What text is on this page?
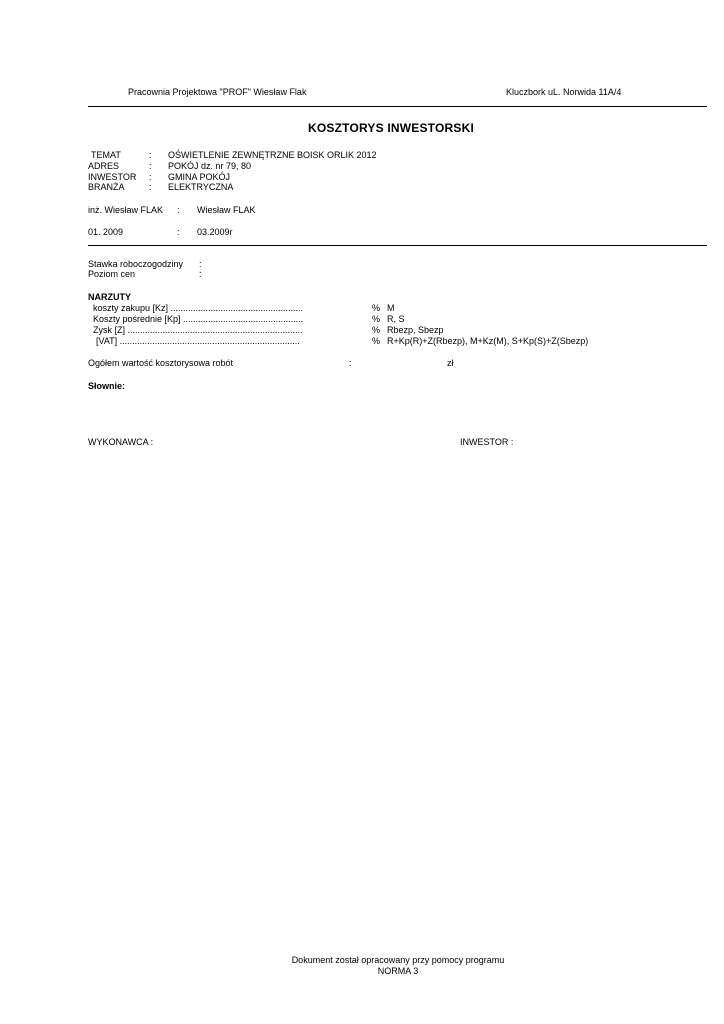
Pracownia Projektowa "PROF" Wiesław Flak	Kluczbork uL. Norwida 11A/4
KOSZTORYS INWESTORSKI
TEMAT	: OŚWIETLENIE ZEWNĘTRZNE BOISK ORLIK 2012
ADRES	: POKÓJ dz. nr 79, 80
INWESTOR : GMINA POKÓJ
BRANŻA	: ELEKTRYCZNA
inż. Wiesław FLAK : Wiesław FLAK
01. 2009	: 03.2009r
Stawka roboczogodziny :
Poziom cen	:
NARZUTY
koszty zakupu [Kz] .....................................................	% M
Koszty pośrednie [Kp] ................................................	% R, S
Zysk [Z] ......................................................................	% Rbezp, Sbezp
[VAT] ........................................................................	% R+Kp(R)+Z(Rbezp), M+Kz(M), S+Kp(S)+Z(Sbezp)
Ogółem wartość kosztorysowa robót	:	zł
Słownie:
WYKONAWCA :	INWESTOR :
Dokument został opracowany przy pomocy programu
NORMA 3
